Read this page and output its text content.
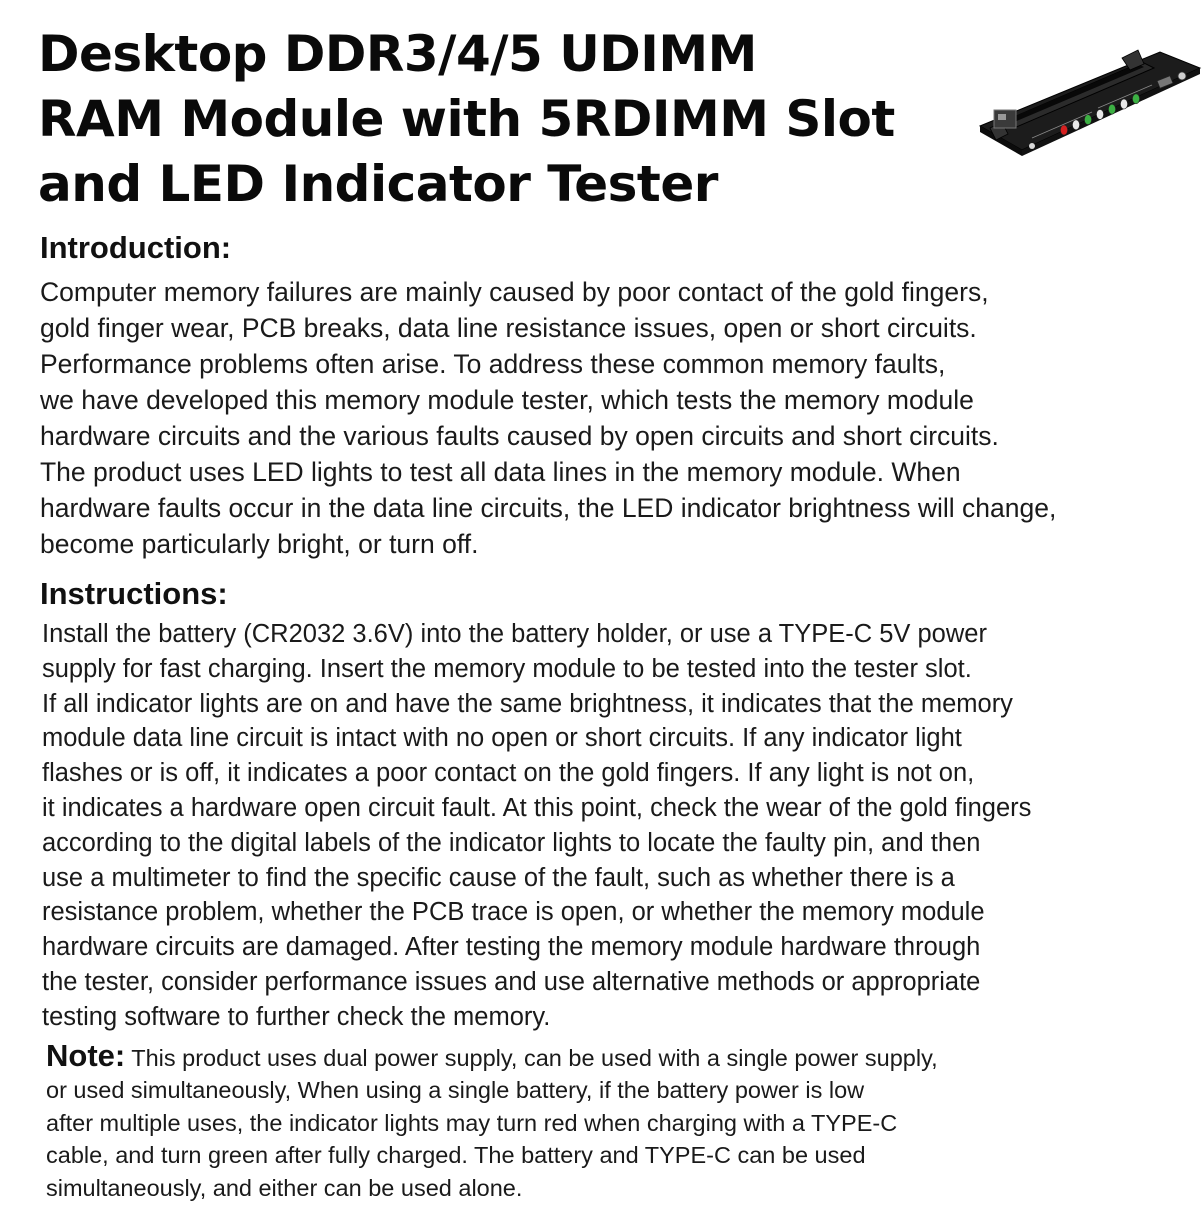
Desktop DDR3/4/5 UDIMM
RAM Module with 5RDIMM Slot
and LED Indicator Tester
Introduction:
Computer memory failures are mainly caused by poor contact of the gold fingers,
gold finger wear, PCB breaks, data line resistance issues, open or short circuits.
Performance problems often arise. To address these common memory faults,
we have developed this memory module tester, which tests the memory module
hardware circuits and the various faults caused by open circuits and short circuits.
The product uses LED lights to test all data lines in the memory module. When
hardware faults occur in the data line circuits, the LED indicator brightness will change,
become particularly bright, or turn off.
Instructions:
Install the battery (CR2032 3.6V) into the battery holder, or use a TYPE-C 5V power
supply for fast charging. Insert the memory module to be tested into the tester slot.
If all indicator lights are on and have the same brightness, it indicates that the memory
module data line circuit is intact with no open or short circuits. If any indicator light
flashes or is off, it indicates a poor contact on the gold fingers. If any light is not on,
it indicates a hardware open circuit fault. At this point, check the wear of the gold fingers
according to the digital labels of the indicator lights to locate the faulty pin, and then
use a multimeter to find the specific cause of the fault, such as whether there is a
resistance problem, whether the PCB trace is open, or whether the memory module
hardware circuits are damaged. After testing the memory module hardware through
the tester, consider performance issues and use alternative methods or appropriate
testing software to further check the memory.
Note: This product uses dual power supply, can be used with a single power supply,
or used simultaneously, When using a single battery, if the battery power is low
after multiple uses, the indicator lights may turn red when charging with a TYPE-C
cable, and turn green after fully charged. The battery and TYPE-C can be used
simultaneously, and either can be used alone.
